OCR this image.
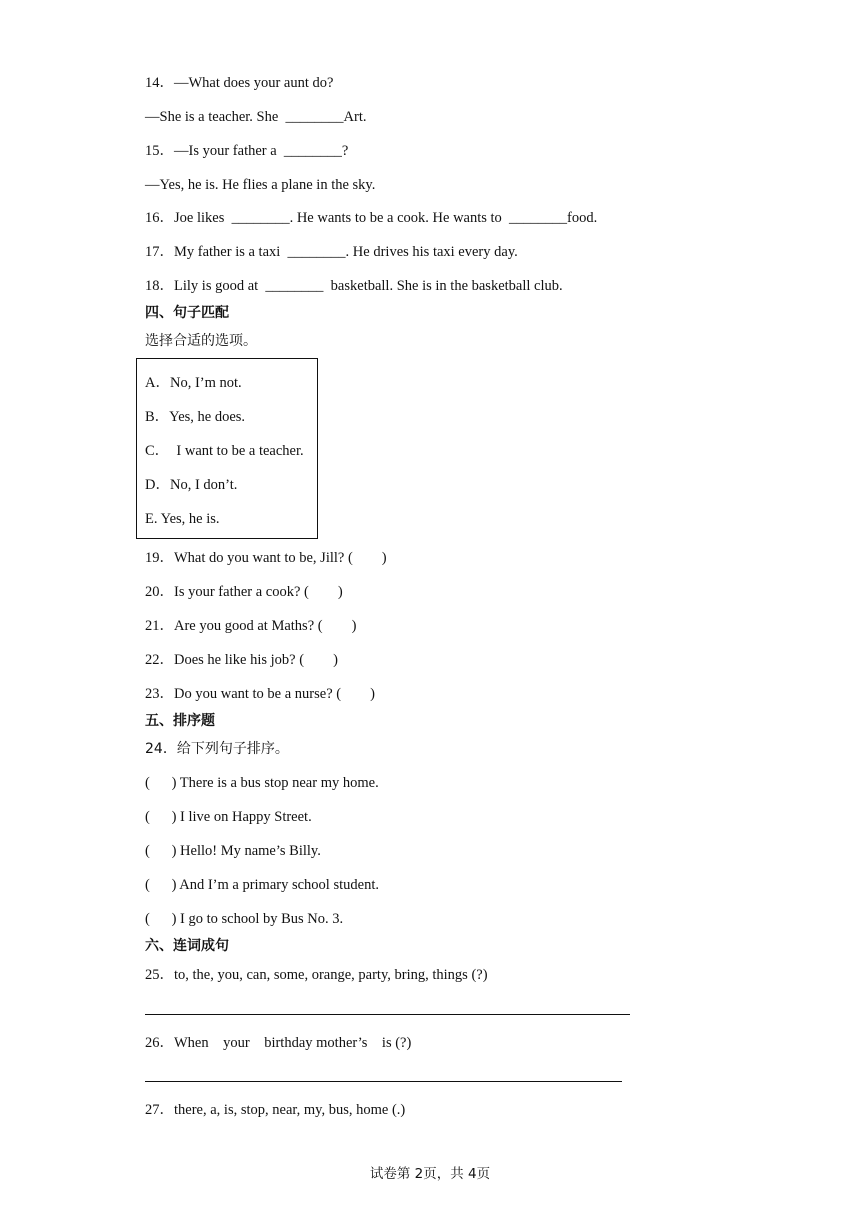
14．—What does your aunt do?
—She is a teacher. She  ________Art.
15．—Is your father a  ________?
—Yes, he is. He flies a plane in the sky.
16．Joe likes  ________. He wants to be a cook. He wants to  ________food.
17．My father is a taxi  ________. He drives his taxi every day.
18．Lily is good at  ________  basketball. She is in the basketball club.
四、句子匹配
选择合适的选项。
A．No, I’m not.
B．Yes, he does.
C．  I want to be a teacher.
D．No, I don’t.
E. Yes, he is.
19．What do you want to be, Jill? (        )
20．Is your father a cook? (        )
21．Are you good at Maths? (        )
22．Does he like his job? (        )
23．Do you want to be a nurse? (        )
五、排序题
24．给下列句子排序。
(      ) There is a bus stop near my home.
(      ) I live on Happy Street.
(      ) Hello! My name’s Billy.
(      ) And I’m a primary school student.
(      ) I go to school by Bus No. 3.
六、连词成句
25．to, the, you, can, some, orange, party, bring, things (?)
26．When    your    birthday mother’s    is (?)
27．there, a, is, stop, near, my, bus, home (.)
试卷第 2页，共 4页
